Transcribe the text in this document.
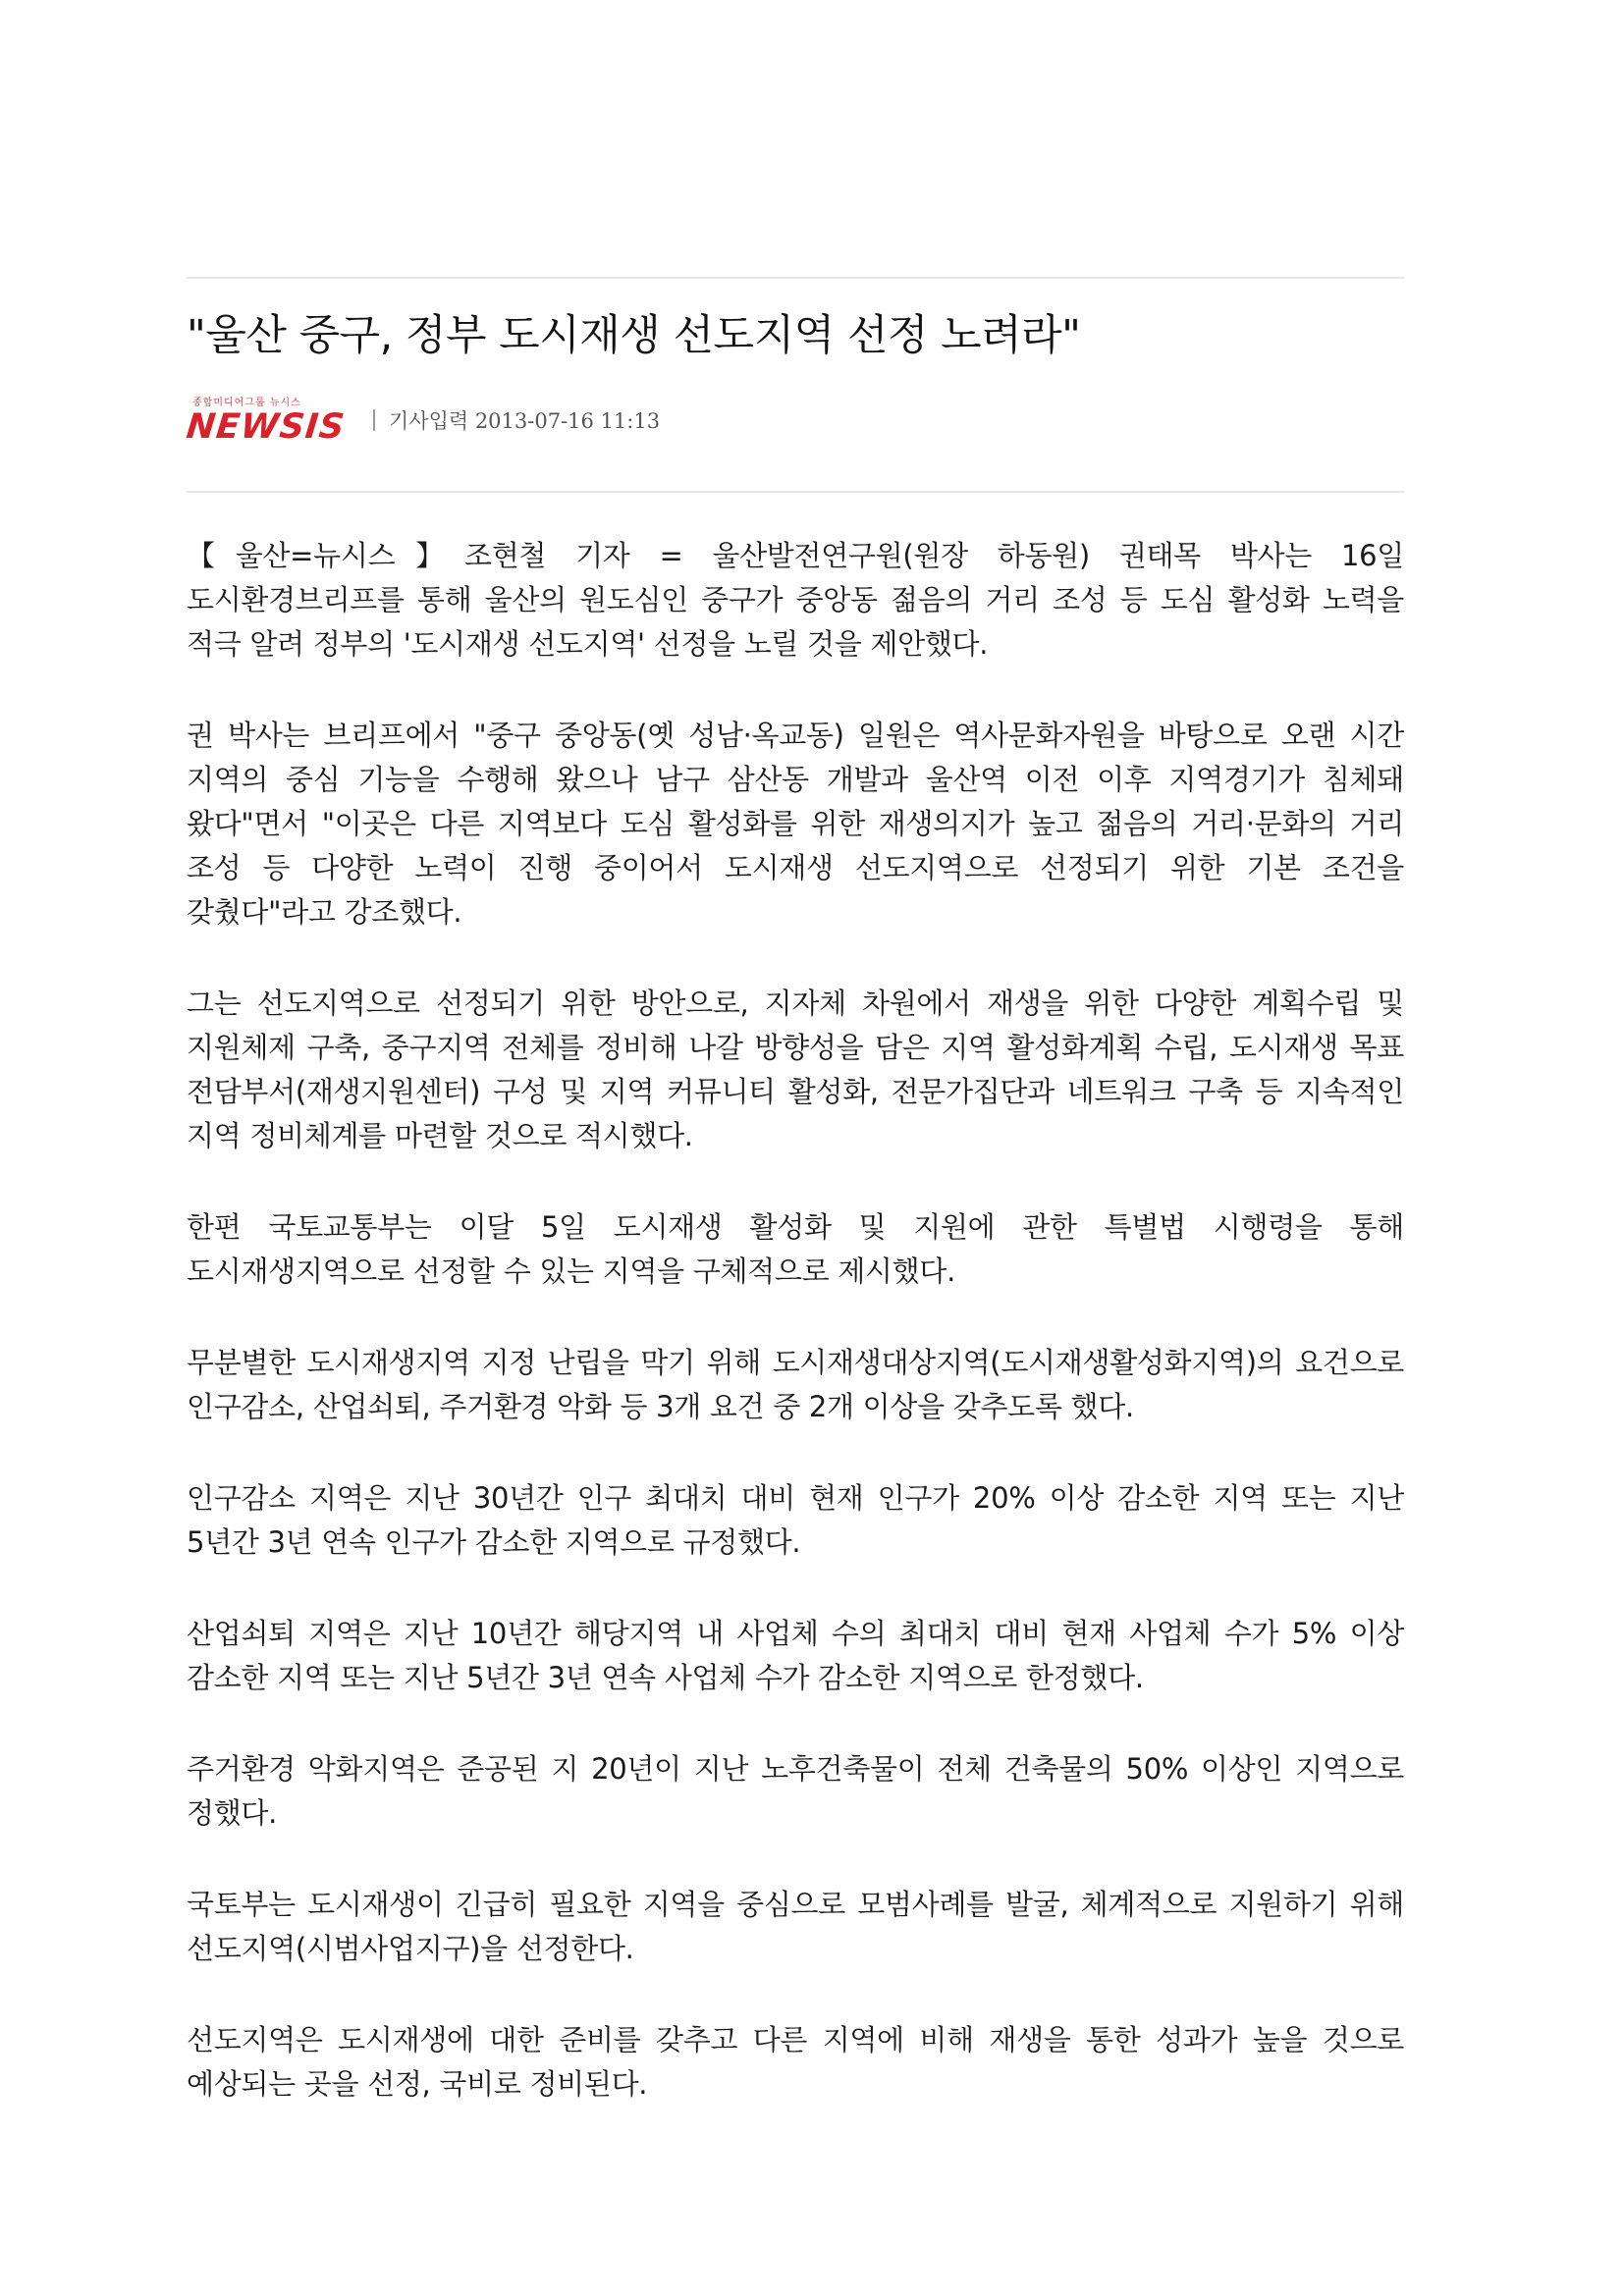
"울산 중구, 정부 도시재생 선도지역 선정 노려라"
종합미디어그룹 뉴시스
NEWSIS 기사입력 2013-07-16 11:13

【울산=뉴시스】조현철 기자 = 울산발전연구원(원장 하동원) 권태목 박사는 16일 도시환경브리프를 통해 울산의 원도심인 중구가 중앙동 젊음의 거리 조성 등 도심 활성화 노력을 적극 알려 정부의 '도시재생 선도지역' 선정을 노릴 것을 제안했다.

권 박사는 브리프에서 "중구 중앙동(옛 성남·옥교동) 일원은 역사문화자원을 바탕으로 오랜 시간 지역의 중심 기능을 수행해 왔으나 남구 삼산동 개발과 울산역 이전 이후 지역경기가 침체돼 왔다"면서 "이곳은 다른 지역보다 도심 활성화를 위한 재생의지가 높고 젊음의 거리·문화의 거리 조성 등 다양한 노력이 진행 중이어서 도시재생 선도지역으로 선정되기 위한 기본 조건을 갖췄다"라고 강조했다.

그는 선도지역으로 선정되기 위한 방안으로, 지자체 차원에서 재생을 위한 다양한 계획수립 및 지원체제 구축, 중구지역 전체를 정비해 나갈 방향성을 담은 지역 활성화계획 수립, 도시재생 목표 전담부서(재생지원센터) 구성 및 지역 커뮤니티 활성화, 전문가집단과 네트워크 구축 등 지속적인 지역 정비체계를 마련할 것으로 적시했다.

한편 국토교통부는 이달 5일 도시재생 활성화 및 지원에 관한 특별법 시행령을 통해 도시재생지역으로 선정할 수 있는 지역을 구체적으로 제시했다.

무분별한 도시재생지역 지정 난립을 막기 위해 도시재생대상지역(도시재생활성화지역)의 요건으로 인구감소, 산업쇠퇴, 주거환경 악화 등 3개 요건 중 2개 이상을 갖추도록 했다.

인구감소 지역은 지난 30년간 인구 최대치 대비 현재 인구가 20% 이상 감소한 지역 또는 지난 5년간 3년 연속 인구가 감소한 지역으로 규정했다.

산업쇠퇴 지역은 지난 10년간 해당지역 내 사업체 수의 최대치 대비 현재 사업체 수가 5% 이상 감소한 지역 또는 지난 5년간 3년 연속 사업체 수가 감소한 지역으로 한정했다.

주거환경 악화지역은 준공된 지 20년이 지난 노후건축물이 전체 건축물의 50% 이상인 지역으로 정했다.

국토부는 도시재생이 긴급히 필요한 지역을 중심으로 모범사례를 발굴, 체계적으로 지원하기 위해 선도지역(시범사업지구)을 선정한다.

선도지역은 도시재생에 대한 준비를 갖추고 다른 지역에 비해 재생을 통한 성과가 높을 것으로 예상되는 곳을 선정, 국비로 정비된다.
